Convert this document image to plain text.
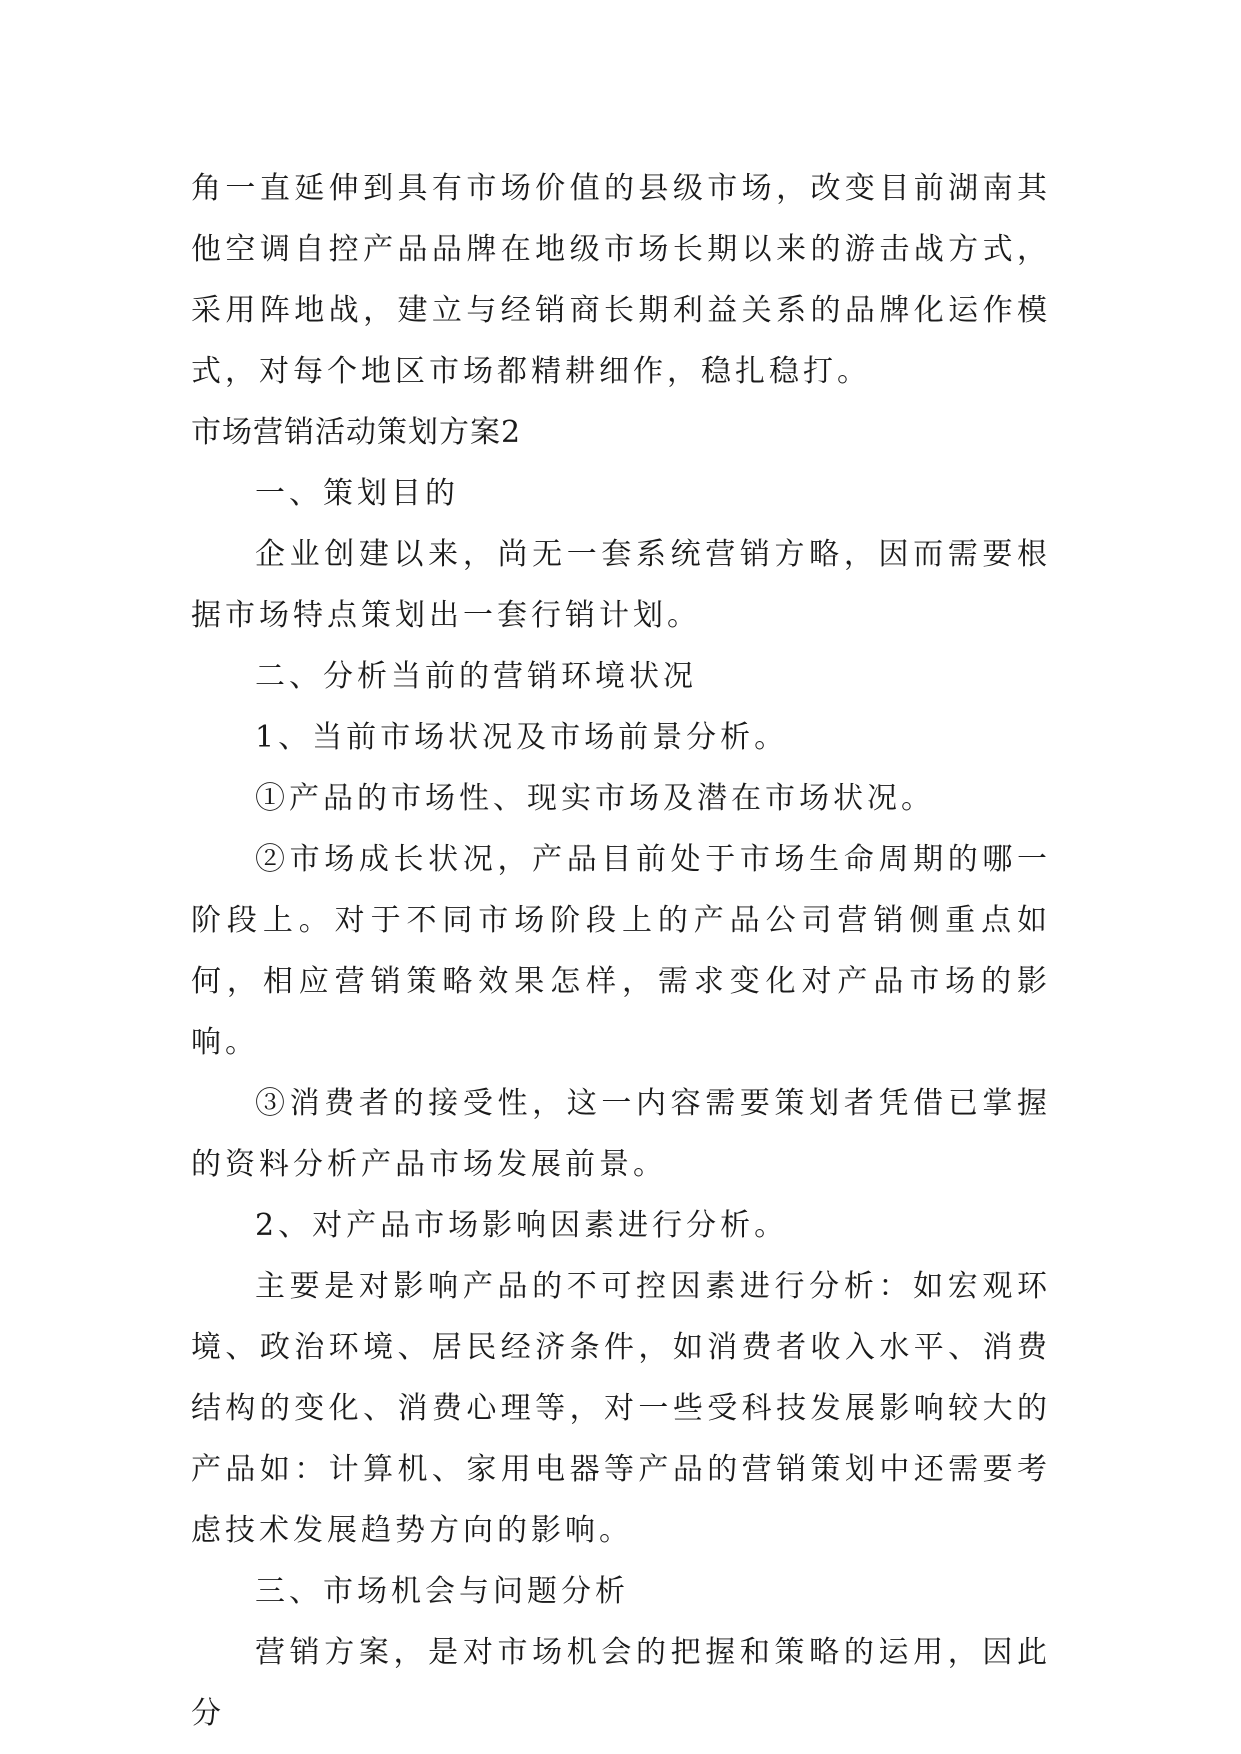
角一直延伸到具有市场价值的县级市场，改变目前湖南其他空调自控产品品牌在地级市场长期以来的游击战方式，采用阵地战，建立与经销商长期利益关系的品牌化运作模式，对每个地区市场都精耕细作，稳扎稳打。

市场营销活动策划方案2

一、策划目的

企业创建以来，尚无一套系统营销方略，因而需要根据市场特点策划出一套行销计划。

二、分析当前的营销环境状况

1、当前市场状况及市场前景分析。

①产品的市场性、现实市场及潜在市场状况。

②市场成长状况，产品目前处于市场生命周期的哪一阶段上。对于不同市场阶段上的产品公司营销侧重点如何，相应营销策略效果怎样，需求变化对产品市场的影响。

③消费者的接受性，这一内容需要策划者凭借已掌握的资料分析产品市场发展前景。

2、对产品市场影响因素进行分析。

主要是对影响产品的不可控因素进行分析：如宏观环境、政治环境、居民经济条件，如消费者收入水平、消费结构的变化、消费心理等，对一些受科技发展影响较大的产品如：计算机、家用电器等产品的营销策划中还需要考虑技术发展趋势方向的影响。

三、市场机会与问题分析

营销方案，是对市场机会的把握和策略的运用，因此分
